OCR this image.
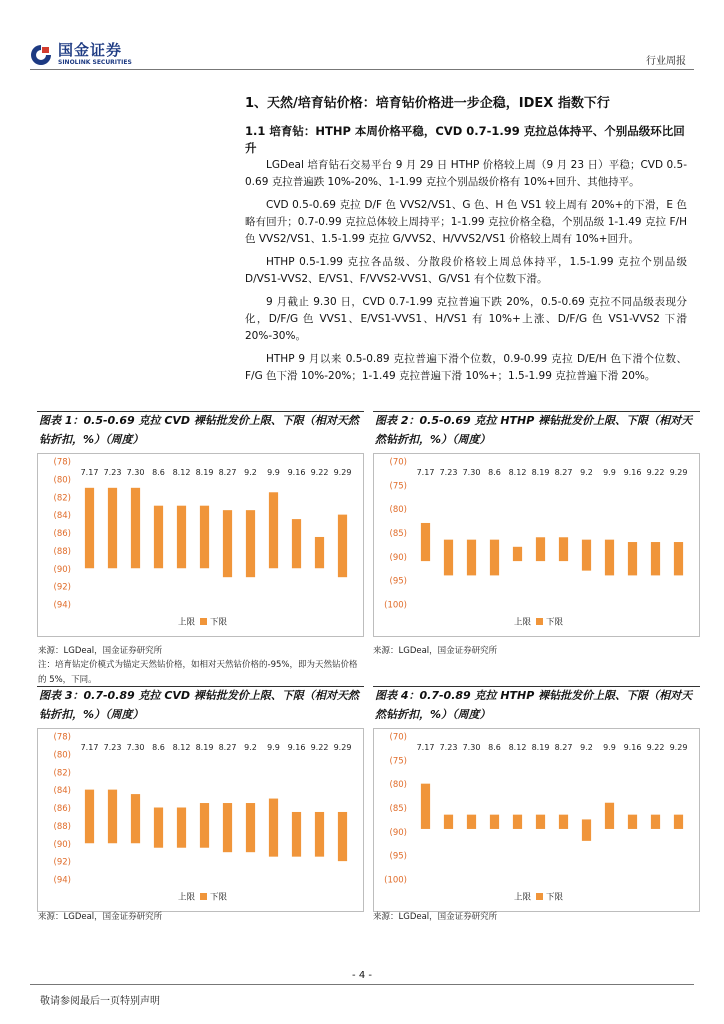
国金证券
SINOLINK SECURITIES	行业周报
1、天然/培育钻价格：培育钻价格进一步企稳，IDEX 指数下行
1.1 培育钻：HTHP 本周价格平稳，CVD 0.7-1.99 克拉总体持平、个别品级环比回升

LGDeal 培育钻石交易平台 9 月 29 日 HTHP 价格较上周（9 月 23 日）平稳；CVD 0.5-0.69 克拉普遍跌 10%-20%、1-1.99 克拉个别品级价格有 10%+回升、其他持平。

CVD 0.5-0.69 克拉 D/F 色 VVS2/VS1、G 色、H 色 VS1 较上周有 20%+的下滑，E 色略有回升；0.7-0.99 克拉总体较上周持平；1-1.99 克拉价格全稳，个别品级 1-1.49 克拉 F/H 色 VVS2/VS1、1.5-1.99 克拉 G/VVS2、H/VVS2/VS1 价格较上周有 10%+回升。

HTHP 0.5-1.99 克拉各品级、分散段价格较上周总体持平，1.5-1.99 克拉个别品级 D/VS1-VVS2、E/VS1、F/VVS2-VVS1、G/VS1 有个位数下滑。

9 月截止 9.30 日，CVD 0.7-1.99 克拉普遍下跌 20%，0.5-0.69 克拉不同品级表现分化，D/F/G 色 VVS1、E/VS1-VVS1、H/VS1 有 10%+上涨、D/F/G 色 VS1-VVS2 下滑 20%-30%。

HTHP 9 月以来 0.5-0.89 克拉普遍下滑个位数，0.9-0.99 克拉 D/E/H 色下滑个位数、F/G 色下滑 10%-20%；1-1.49 克拉普遍下滑 10%+；1.5-1.99 克拉普遍下滑 20%。

图表 1：0.5-0.69 克拉 CVD 裸钻批发价上限、下限（相对天然钻折扣，%）（周度）
(78)
(80)
(82)
(84)
(86)
(88)
(90)
(92)
(94)
7.17 7.23 7.30 8.6 8.12 8.19 8.27 9.2 9.9 9.16 9.22 9.29
上限 下限
图表 2：0.5-0.69 克拉 HTHP 裸钻批发价上限、下限（相对天然钻折扣，%）（周度）
(70)
(75)
(80)
(85)
(90)
(95)
(100)
7.17 7.23 7.30 8.6 8.12 8.19 8.27 9.2 9.9 9.16 9.22 9.29
上限 下限
来源：LGDeal，国金证券研究所	来源：LGDeal，国金证券研究所
注：培育钻定价模式为锚定天然钻价格，如相对天然钻价格的-95%，即为天然钻价格的 5%，下同。
图表 3：0.7-0.89 克拉 CVD 裸钻批发价上限、下限（相对天然钻折扣，%）（周度）
(78)
(80)
(82)
(84)
(86)
(88)
(90)
(92)
(94)
7.17 7.23 7.30 8.6 8.12 8.19 8.27 9.2 9.9 9.16 9.22 9.29
上限 下限
图表 4：0.7-0.89 克拉 HTHP 裸钻批发价上限、下限（相对天然钻折扣，%）（周度）
(70)
(75)
(80)
(85)
(90)
(95)
(100)
7.17 7.23 7.30 8.6 8.12 8.19 8.27 9.2 9.9 9.16 9.22 9.29
上限 下限
来源：LGDeal，国金证券研究所	来源：LGDeal，国金证券研究所
- 4 -
敬请参阅最后一页特别声明
